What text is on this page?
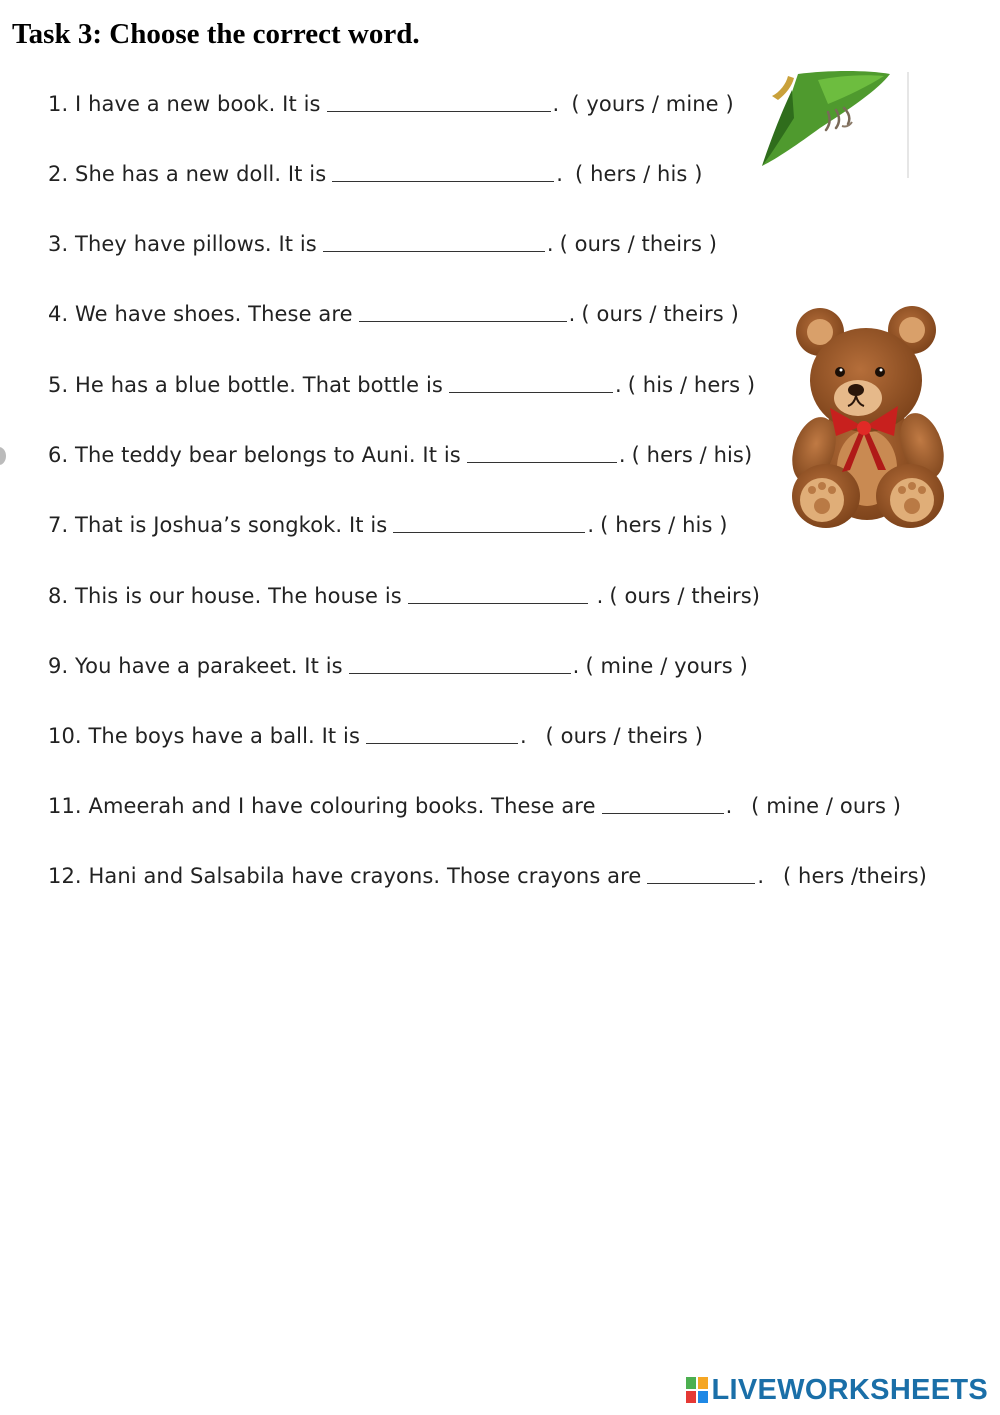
Task 3: Choose the correct word.
1.
I have a new book. It is	. ( yours / mine )
2.
She has a new doll. It is	. ( hers / his )
3.
They have pillows. It is	. ( ours / theirs )
4.
We have shoes. These are	. ( ours / theirs )
5.
He has a blue bottle. That bottle is	. ( his / hers )
6.
The teddy bear belongs to Auni. It is	. ( hers / his)
7.
That is Joshua’s songkok. It is	. ( hers / his )
8.
This is our house. The house is	. ( ours / theirs)
9.
You have a parakeet. It is	. ( mine / yours )
10.
The boys have a ball. It is	.
( ours / theirs )
11.
Ameerah and I have colouring books. These are	.
( mine / ours )
12.
Hani and Salsabila have crayons. Those crayons are	.
( hers /theirs)
LIVEWORKSHEETS
